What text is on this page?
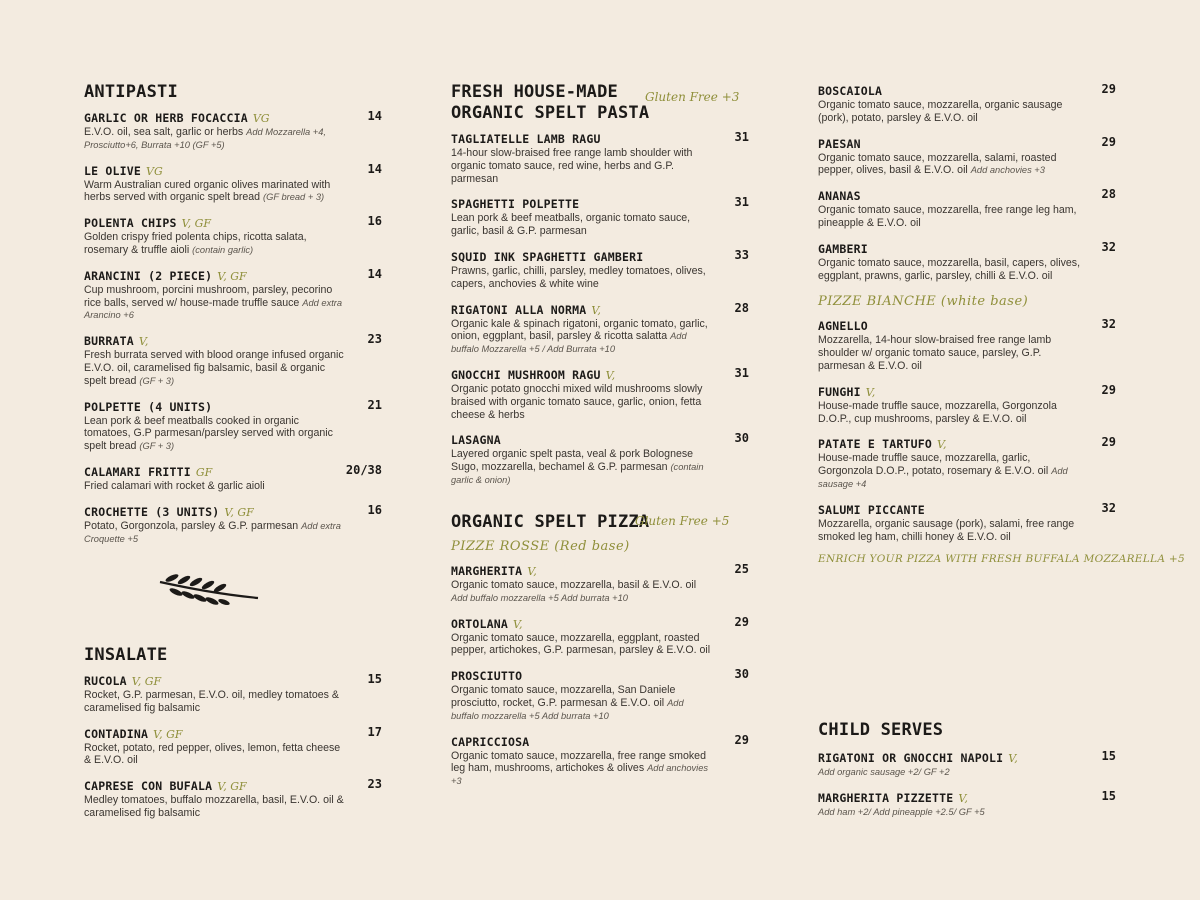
ANTIPASTI
GARLIC OR HERB FOCACCIA VG	14
E.V.O. oil, sea salt, garlic or herbs Add Mozzarella +4, Prosciutto+6, Burrata +10 (GF +5)
LE OLIVE VG	14
Warm Australian cured organic olives marinated with herbs served with organic spelt bread (GF bread + 3)
POLENTA CHIPS V, GF	16
Golden crispy fried polenta chips, ricotta salata, rosemary & truffle aioli (contain garlic)
ARANCINI (2 PIECE) V, GF	14
Cup mushroom, porcini mushroom, parsley, pecorino rice balls, served w/ house-made truffle sauce Add extra Arancino +6
BURRATA V,	23
Fresh burrata served with blood orange infused organic E.V.O. oil, caramelised fig balsamic, basil & organic spelt bread (GF + 3)
POLPETTE (4 UNITS)	21
Lean pork & beef meatballs cooked in organic tomatoes, G.P parmesan/parsley served with organic spelt bread (GF + 3)
CALAMARI FRITTI GF	20/38
Fried calamari with rocket & garlic aioli
CROCHETTE (3 UNITS) V, GF	16
Potato, Gorgonzola, parsley & G.P. parmesan Add extra Croquette +5
INSALATE
RUCOLA V, GF	15
Rocket, G.P. parmesan, E.V.O. oil, medley tomatoes & caramelised fig balsamic
CONTADINA V, GF	17
Rocket, potato, red pepper, olives, lemon, fetta cheese & E.V.O. oil
CAPRESE CON BUFALA V, GF	23
Medley tomatoes, buffalo mozzarella, basil, E.V.O. oil & caramelised fig balsamic
FRESH HOUSE-MADE
ORGANIC SPELT PASTA
Gluten Free +3
TAGLIATELLE LAMB RAGU	31
14-hour slow-braised free range lamb shoulder with organic tomato sauce, red wine, herbs and G.P. parmesan
SPAGHETTI POLPETTE	31
Lean pork & beef meatballs, organic tomato sauce, garlic, basil & G.P. parmesan
SQUID INK SPAGHETTI GAMBERI	33
Prawns, garlic, chilli, parsley, medley tomatoes, olives, capers, anchovies & white wine
RIGATONI ALLA NORMA V,	28
Organic kale & spinach rigatoni, organic tomato, garlic, onion, eggplant, basil, parsley & ricotta salatta Add buffalo Mozzarella +5 / Add Burrata +10
GNOCCHI MUSHROOM RAGU V,	31
Organic potato gnocchi mixed wild mushrooms slowly braised with organic tomato sauce, garlic, onion, fetta cheese & herbs
LASAGNA	30
Layered organic spelt pasta, veal & pork Bolognese Sugo, mozzarella, bechamel & G.P. parmesan (contain garlic & onion)
ORGANIC SPELT PIZZA
Gluten Free +5

PIZZE ROSSE (Red base)

MARGHERITA V,	25
Organic tomato sauce, mozzarella, basil & E.V.O. oil Add buffalo mozzarella +5 Add burrata +10
ORTOLANA V,	29
Organic tomato sauce, mozzarella, eggplant, roasted pepper, artichokes, G.P. parmesan, parsley & E.V.O. oil
PROSCIUTTO	30
Organic tomato sauce, mozzarella, San Daniele prosciutto, rocket, G.P. parmesan & E.V.O. oil Add buffalo mozzarella +5 Add burrata +10
CAPRICCIOSA	29
Organic tomato sauce, mozzarella, free range smoked leg ham, mushrooms, artichokes & olives Add anchovies +3
BOSCAIOLA	29
Organic tomato sauce, mozzarella, organic sausage (pork), potato, parsley & E.V.O. oil
PAESAN	29
Organic tomato sauce, mozzarella, salami, roasted pepper, olives, basil & E.V.O. oil Add anchovies +3
ANANAS	28
Organic tomato sauce, mozzarella, free range leg ham, pineapple & E.V.O. oil
GAMBERI	32
Organic tomato sauce, mozzarella, basil, capers, olives, eggplant, prawns, garlic, parsley, chilli & E.V.O. oil

PIZZE BIANCHE (white base)

AGNELLO	32
Mozzarella, 14-hour slow-braised free range lamb shoulder w/ organic tomato sauce, parsley, G.P. parmesan & E.V.O. oil
FUNGHI V,	29
House-made truffle sauce, mozzarella, Gorgonzola D.O.P., cup mushrooms, parsley & E.V.O. oil
PATATE E TARTUFO V,	29
House-made truffle sauce, mozzarella, garlic, Gorgonzola D.O.P., potato, rosemary & E.V.O. oil Add sausage +4
SALUMI PICCANTE	32
Mozzarella, organic sausage (pork), salami, free range smoked leg ham, chilli honey & E.V.O. oil
ENRICH YOUR PIZZA WITH FRESH BUFFALA MOZZARELLA +5
CHILD SERVES
RIGATONI OR GNOCCHI NAPOLI V,	15
Add organic sausage +2/ GF +2
MARGHERITA PIZZETTE V,	15
Add ham +2/ Add pineapple +2.5/ GF +5
